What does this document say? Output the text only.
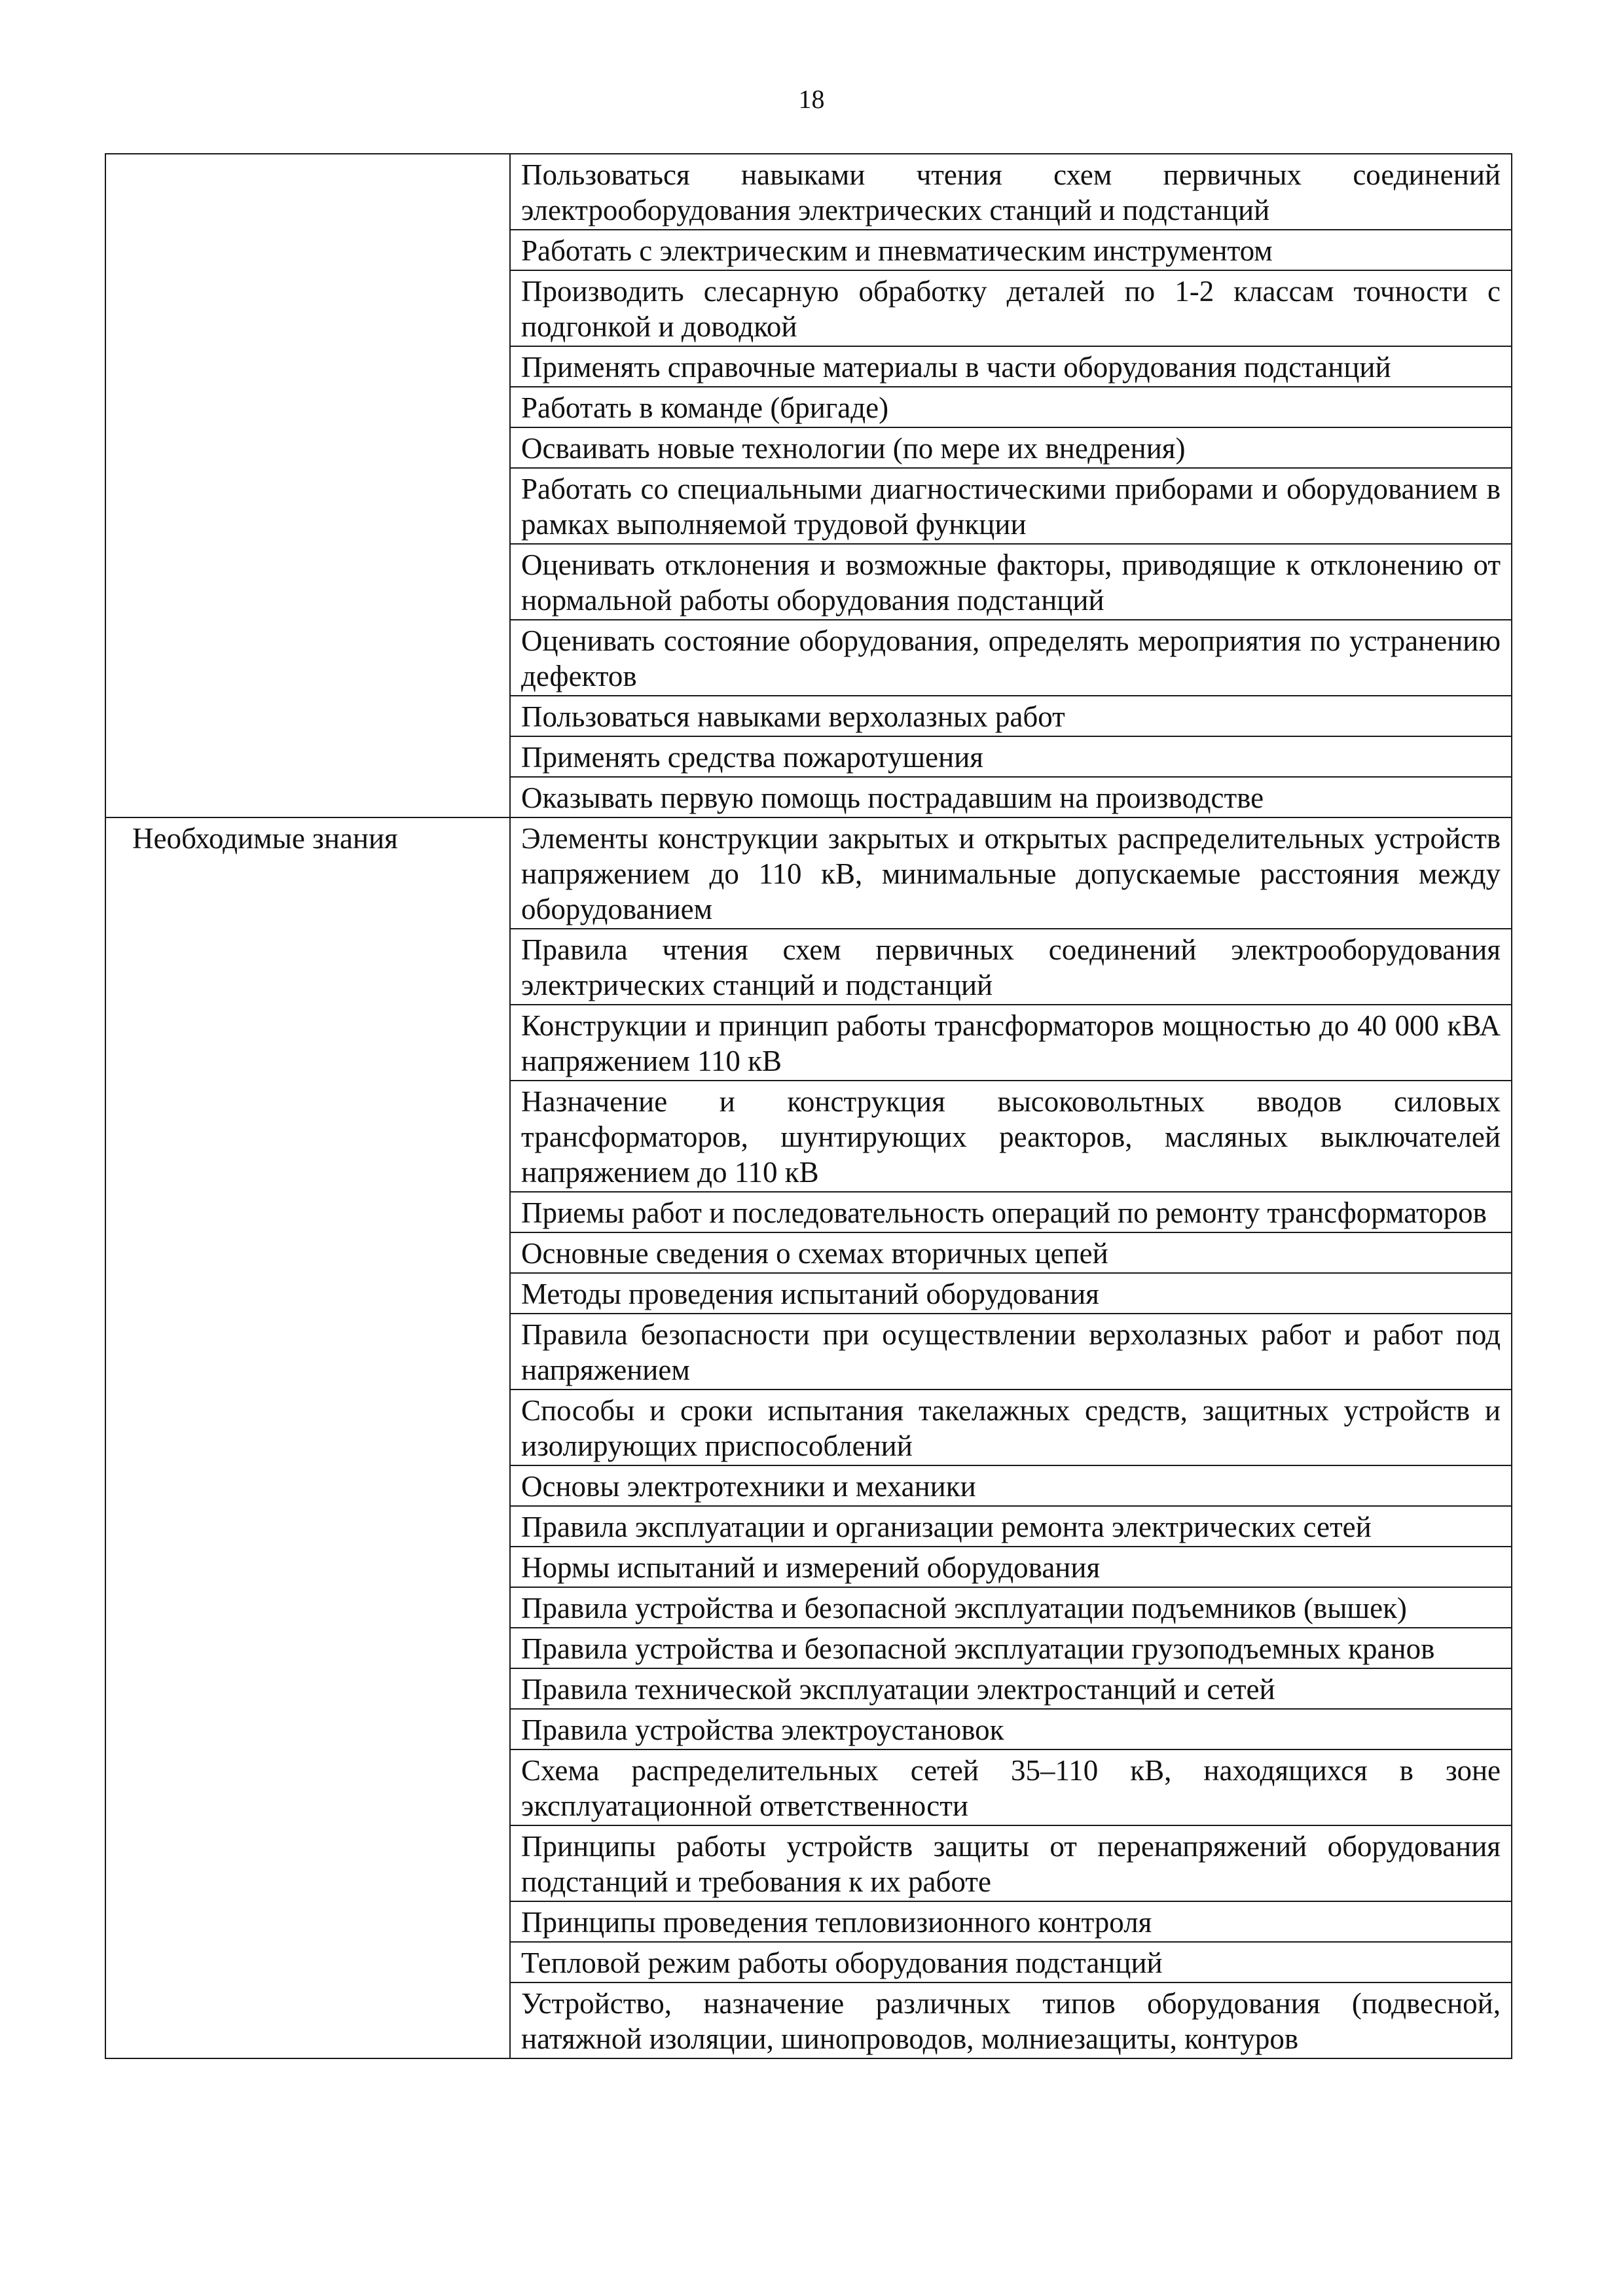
18
	Пользоваться навыками чтения схем первичных соединений электрооборудования электрических станций и подстанций
	Работать с электрическим и пневматическим инструментом
	Производить слесарную обработку деталей по 1-2 классам точности с подгонкой и доводкой
	Применять справочные материалы в части оборудования подстанций
	Работать в команде (бригаде)
	Осваивать новые технологии (по мере их внедрения)
	Работать со специальными диагностическими приборами и оборудованием в рамках выполняемой трудовой функции
	Оценивать отклонения и возможные факторы, приводящие к отклонению от нормальной работы оборудования подстанций
	Оценивать состояние оборудования, определять мероприятия по устранению дефектов
	Пользоваться навыками верхолазных работ
	Применять средства пожаротушения
	Оказывать первую помощь пострадавшим на производстве
Необходимые знания	Элементы конструкции закрытых и открытых распределительных устройств напряжением до 110 кВ, минимальные допускаемые расстояния между оборудованием
	Правила чтения схем первичных соединений электрооборудования электрических станций и подстанций
	Конструкции и принцип работы трансформаторов мощностью до 40 000 кВА напряжением 110 кВ
	Назначение и конструкция высоковольтных вводов силовых трансформаторов, шунтирующих реакторов, масляных выключателей напряжением до 110 кВ
	Приемы работ и последовательность операций по ремонту трансформаторов
	Основные сведения о схемах вторичных цепей
	Методы проведения испытаний оборудования
	Правила безопасности при осуществлении верхолазных работ и работ под напряжением
	Способы и сроки испытания такелажных средств, защитных устройств и изолирующих приспособлений
	Основы электротехники и механики
	Правила эксплуатации и организации ремонта электрических сетей
	Нормы испытаний и измерений оборудования
	Правила устройства и безопасной эксплуатации подъемников (вышек)
	Правила устройства и безопасной эксплуатации грузоподъемных кранов
	Правила технической эксплуатации электростанций и сетей
	Правила устройства электроустановок
	Схема распределительных сетей 35–110 кВ, находящихся в зоне эксплуатационной ответственности
	Принципы работы устройств защиты от перенапряжений оборудования подстанций и требования к их работе
	Принципы проведения тепловизионного контроля
	Тепловой режим работы оборудования подстанций
	Устройство, назначение различных типов оборудования (подвесной, натяжной изоляции, шинопроводов, молниезащиты, контуров
